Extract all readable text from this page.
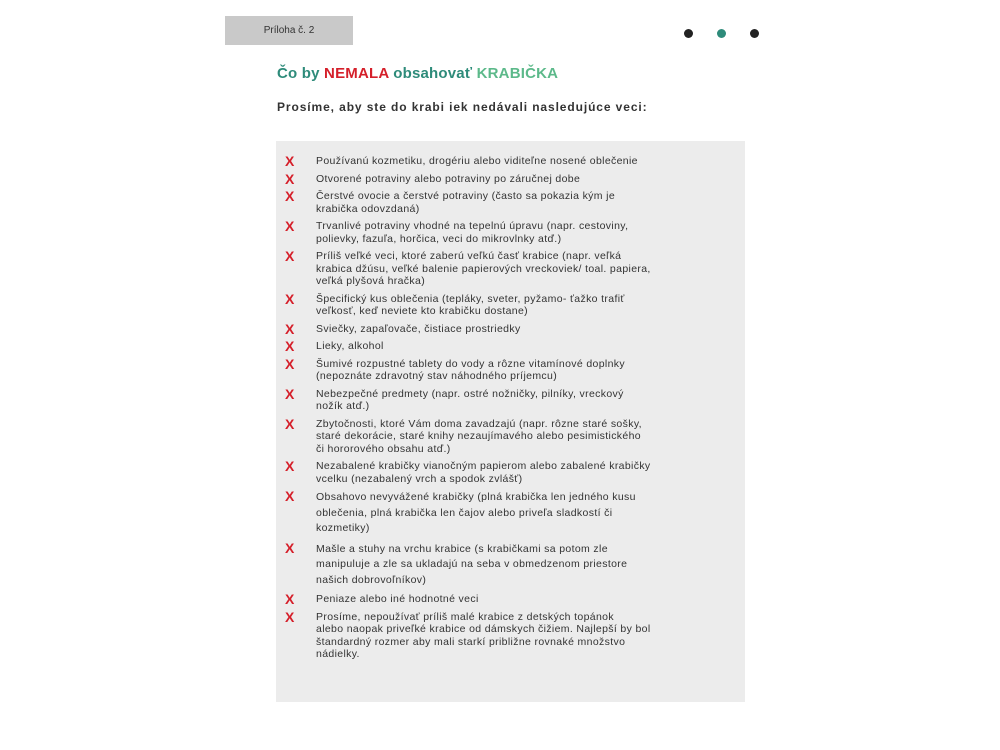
Príloha č. 2
Čo by NEMALA obsahovať KRABIČKA
Prosíme, aby ste do krabi iek nedávali nasledujúce veci:
X Používanú kozmetiku, drogériu alebo viditeľne nosené oblečenie
X Otvorené potraviny alebo potraviny po záručnej dobe
X Čerstvé ovocie a čerstvé potraviny (často sa pokazia kým je
krabička odovzdaná)
X Trvanlivé potraviny vhodné na tepelnú úpravu (napr. cestoviny,
polievky, fazuľa, horčica, veci do mikrovlnky atď.)
X Príliš veľké veci, ktoré zaberú veľkú časť krabice (napr. veľká
krabica džúsu, veľké balenie papierových vreckoviek/ toal. papiera,
veľká plyšová hračka)
X Špecifický kus oblečenia (tepláky, sveter, pyžamo- ťažko trafiť
veľkosť, keď neviete kto krabičku dostane)
X Sviečky, zapaľovače, čistiace prostriedky
X Lieky, alkohol
X Šumivé rozpustné tablety do vody a rôzne vitamínové doplnky
(nepoznáte zdravotný stav náhodného príjemcu)
X Nebezpečné predmety (napr. ostré nožničky, pilníky, vreckový
nožík atď.)
X Zbytočnosti, ktoré Vám doma zavadzajú (napr. rôzne staré sošky,
staré dekorácie, staré knihy nezaujímavého alebo pesimistického
či hororového obsahu atď.)
X Nezabalené krabičky vianočným papierom alebo zabalené krabičky
vcelku (nezabalený vrch a spodok zvlášť)
X Obsahovo nevyvážené krabičky (plná krabička len jedného kusu
oblečenia, plná krabička len čajov alebo priveľa sladkostí či
kozmetiky)
X Mašle a stuhy na vrchu krabice (s krabičkami sa potom zle
manipuluje a zle sa ukladajú na seba v obmedzenom priestore
našich dobrovoľníkov)
X Peniaze alebo iné hodnotné veci
X Prosíme, nepoužívať príliš malé krabice z detských topánok
alebo naopak priveľké krabice od dámskych čižiem. Najlepší by bol
štandardný rozmer aby mali starkí približne rovnaké množstvo
nádielky.
